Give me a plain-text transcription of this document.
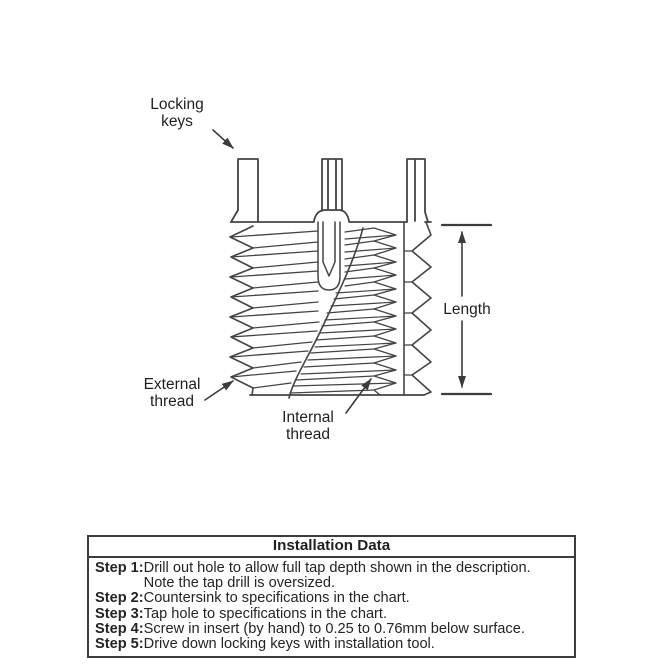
Locking keys
Length
External thread
Internal thread
Installation Data
Step 1: Drill out hole to allow full tap depth shown in the description.
Note the tap drill is oversized.
Step 2: Countersink to specifications in the chart.
Step 3: Tap hole to specifications in the chart.
Step 4: Screw in insert (by hand) to 0.25 to 0.76mm below surface.
Step 5: Drive down locking keys with installation tool.
